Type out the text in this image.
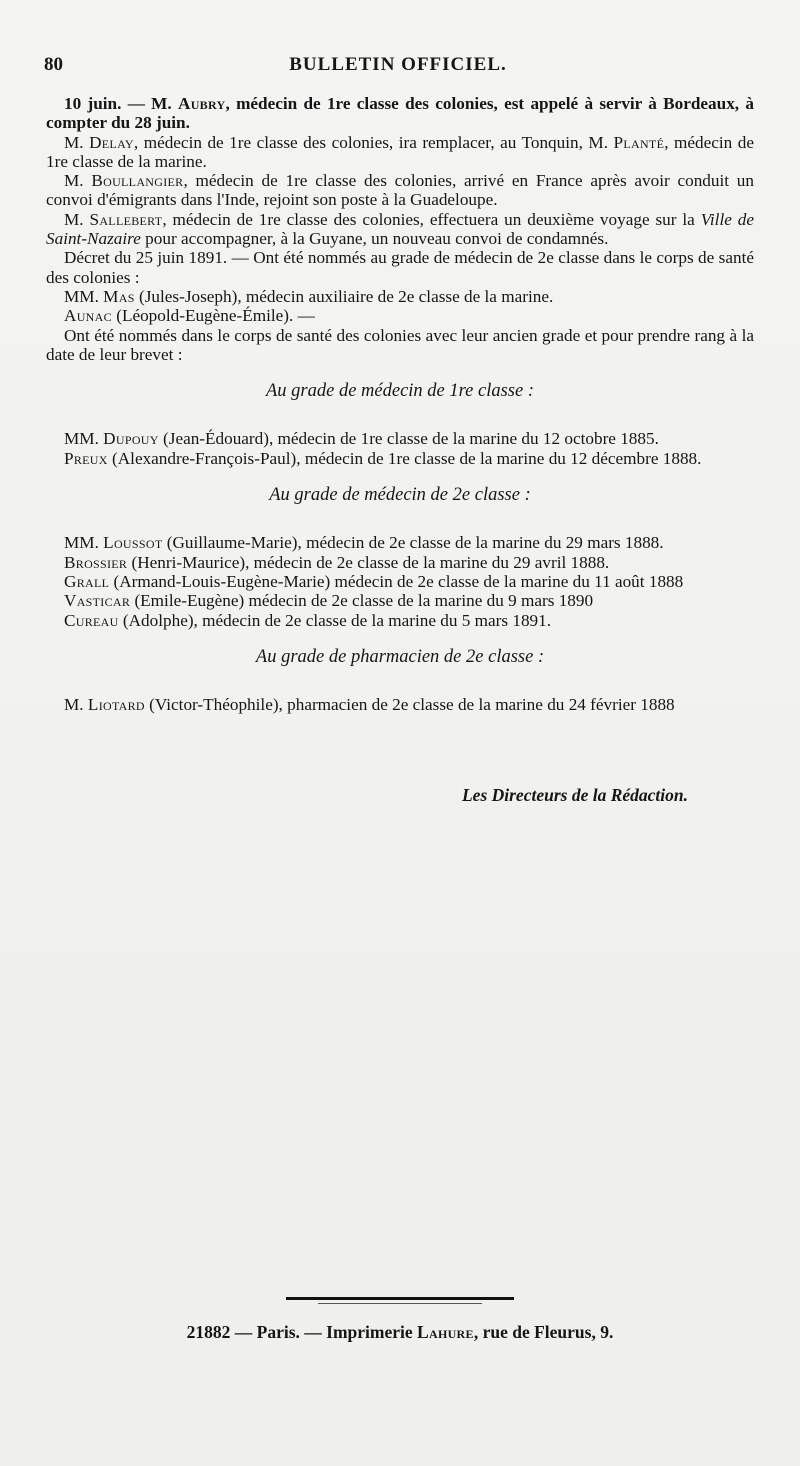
80	BULLETIN OFFICIEL.

10 juin. — M. Aubry, médecin de 1re classe des colonies, est appelé à servir à Bordeaux, à compter du 28 juin.

M. Delay, médecin de 1re classe des colonies, ira remplacer, au Tonquin, M. Planté, médecin de 1re classe de la marine.

M. Boullangier, médecin de 1re classe des colonies, arrivé en France après avoir conduit un convoi d'émigrants dans l'Inde, rejoint son poste à la Guadeloupe.

M. Sallebert, médecin de 1re classe des colonies, effectuera un deuxième voyage sur la Ville de Saint-Nazaire pour accompagner, à la Guyane, un nouveau convoi de condamnés.

Décret du 25 juin 1891. — Ont été nommés au grade de médecin de 2e classe dans le corps de santé des colonies :

MM. Mas (Jules-Joseph), médecin auxiliaire de 2e classe de la marine.

Aunac (Léopold-Eugène-Émile). —

Ont été nommés dans le corps de santé des colonies avec leur ancien grade et pour prendre rang à la date de leur brevet :

Au grade de médecin de 1re classe :

MM. Dupouy (Jean-Édouard), médecin de 1re classe de la marine du 12 octobre 1885.

Preux (Alexandre-François-Paul), médecin de 1re classe de la marine du 12 décembre 1888.

Au grade de médecin de 2e classe :

MM. Loussot (Guillaume-Marie), médecin de 2e classe de la marine du 29 mars 1888.

Brossier (Henri-Maurice), médecin de 2e classe de la marine du 29 avril 1888.

Grall (Armand-Louis-Eugène-Marie) médecin de 2e classe de la marine du 11 août 1888

Vasticar (Emile-Eugène) médecin de 2e classe de la marine du 9 mars 1890

Cureau (Adolphe), médecin de 2e classe de la marine du 5 mars 1891.

Au grade de pharmacien de 2e classe :

M. Liotard (Victor-Théophile), pharmacien de 2e classe de la marine du 24 février 1888

Les Directeurs de la Rédaction.

21882 — Paris. — Imprimerie Lahure, rue de Fleurus, 9.
